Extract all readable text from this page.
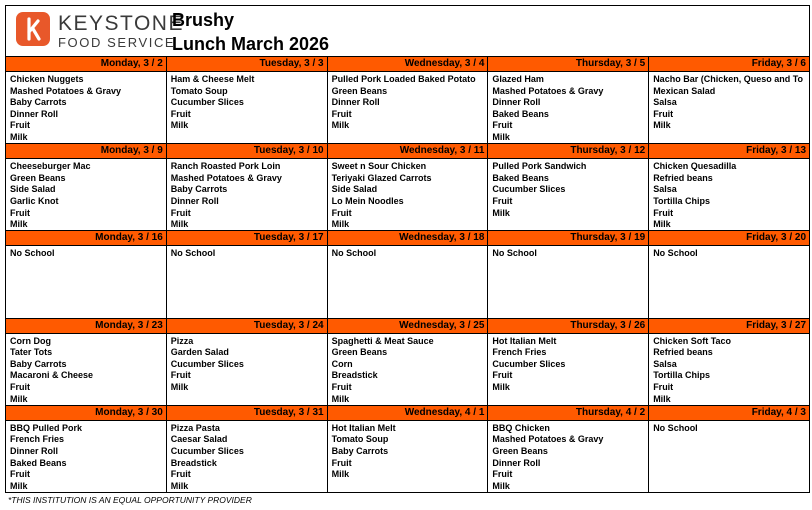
KEYSTONE
FOOD SERVICE
Brushy
Lunch March 2026
Monday, 3 / 2
Chicken Nuggets
Mashed Potatoes & Gravy
Baby Carrots
Dinner Roll
Fruit
Milk
Tuesday, 3 / 3
Ham & Cheese Melt
Tomato Soup
Cucumber Slices
Fruit
Milk
Wednesday, 3 / 4
Pulled Pork Loaded Baked Potato
Green Beans
Dinner Roll
Fruit
Milk
Thursday, 3 / 5
Glazed Ham
Mashed Potatoes & Gravy
Dinner Roll
Baked Beans
Fruit
Milk
Friday, 3 / 6
Nacho Bar (Chicken, Queso and To
Mexican Salad
Salsa
Fruit
Milk
Monday, 3 / 9
Cheeseburger Mac
Green Beans
Side Salad
Garlic Knot
Fruit
Milk
Tuesday, 3 / 10
Ranch Roasted Pork Loin
Mashed Potatoes & Gravy
Baby Carrots
Dinner Roll
Fruit
Milk
Wednesday, 3 / 11
Sweet n Sour Chicken
Teriyaki Glazed Carrots
Side Salad
Lo Mein Noodles
Fruit
Milk
Thursday, 3 / 12
Pulled Pork Sandwich
Baked Beans
Cucumber Slices
Fruit
Milk
Friday, 3 / 13
Chicken Quesadilla
Refried beans
Salsa
Tortilla Chips
Fruit
Milk
Monday, 3 / 16
No School
Tuesday, 3 / 17
No School
Wednesday, 3 / 18
No School
Thursday, 3 / 19
No School
Friday, 3 / 20
No School
Monday, 3 / 23
Corn Dog
Tater Tots
Baby Carrots
Macaroni & Cheese
Fruit
Milk
Tuesday, 3 / 24
Pizza
Garden Salad
Cucumber Slices
Fruit
Milk
Wednesday, 3 / 25
Spaghetti & Meat Sauce
Green Beans
Corn
Breadstick
Fruit
Milk
Thursday, 3 / 26
Hot Italian Melt
French Fries
Cucumber Slices
Fruit
Milk
Friday, 3 / 27
Chicken Soft Taco
Refried beans
Salsa
Tortilla Chips
Fruit
Milk
Monday, 3 / 30
BBQ Pulled Pork
French Fries
Dinner Roll
Baked Beans
Fruit
Milk
Tuesday, 3 / 31
Pizza Pasta
Caesar Salad
Cucumber Slices
Breadstick
Fruit
Milk
Wednesday, 4 / 1
Hot Italian Melt
Tomato Soup
Baby Carrots
Fruit
Milk
Thursday, 4 / 2
BBQ Chicken
Mashed Potatoes & Gravy
Green Beans
Dinner Roll
Fruit
Milk
Friday, 4 / 3
No School
*THIS INSTITUTION IS AN EQUAL OPPORTUNITY PROVIDER
